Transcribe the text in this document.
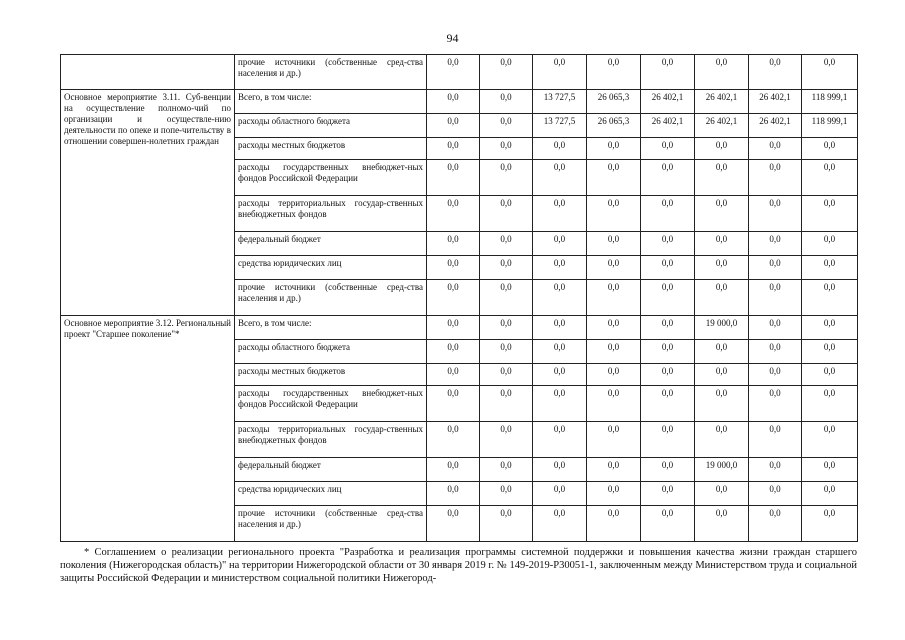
94
	прочие источники (собственные сред-ства населения и др.)	0,0	0,0	0,0	0,0	0,0	0,0	0,0	0,0
Основное мероприятие 3.11. Суб-венции на осуществление полномо-чий по организации и осуществле-нию деятельности по опеке и попе-чительству в отношении совершен-нолетних граждан	Всего, в том числе:	0,0	0,0	13 727,5	26 065,3	26 402,1	26 402,1	26 402,1	118 999,1
	расходы областного бюджета	0,0	0,0	13 727,5	26 065,3	26 402,1	26 402,1	26 402,1	118 999,1
	расходы местных бюджетов	0,0	0,0	0,0	0,0	0,0	0,0	0,0	0,0
	расходы государственных внебюджет-ных фондов Российской Федерации	0,0	0,0	0,0	0,0	0,0	0,0	0,0	0,0
	расходы территориальных государ-ственных внебюджетных фондов	0,0	0,0	0,0	0,0	0,0	0,0	0,0	0,0
	федеральный бюджет	0,0	0,0	0,0	0,0	0,0	0,0	0,0	0,0
	средства юридических лиц	0,0	0,0	0,0	0,0	0,0	0,0	0,0	0,0
	прочие источники (собственные сред-ства населения и др.)	0,0	0,0	0,0	0,0	0,0	0,0	0,0	0,0
Основное мероприятие 3.12. Региональный проект "Старшее поколение"*	Всего, в том числе:	0,0	0,0	0,0	0,0	0,0	19 000,0	0,0	0,0
	расходы областного бюджета	0,0	0,0	0,0	0,0	0,0	0,0	0,0	0,0
	расходы местных бюджетов	0,0	0,0	0,0	0,0	0,0	0,0	0,0	0,0
	расходы государственных внебюджет-ных фондов Российской Федерации	0,0	0,0	0,0	0,0	0,0	0,0	0,0	0,0
	расходы территориальных государ-ственных внебюджетных фондов	0,0	0,0	0,0	0,0	0,0	0,0	0,0	0,0
	федеральный бюджет	0,0	0,0	0,0	0,0	0,0	19 000,0	0,0	0,0
	средства юридических лиц	0,0	0,0	0,0	0,0	0,0	0,0	0,0	0,0
	прочие источники (собственные сред-ства населения и др.)	0,0	0,0	0,0	0,0	0,0	0,0	0,0	0,0
* Соглашением о реализации регионального проекта "Разработка и реализация программы системной поддержки и повышения качества жизни граждан старшего поколения (Нижегородская область)" на территории Нижегородской области от 30 января 2019 г. № 149-2019-Р30051-1, заключенным между Министерством труда и социальной защиты Российской Федерации и министерством социальной политики Нижегород-
